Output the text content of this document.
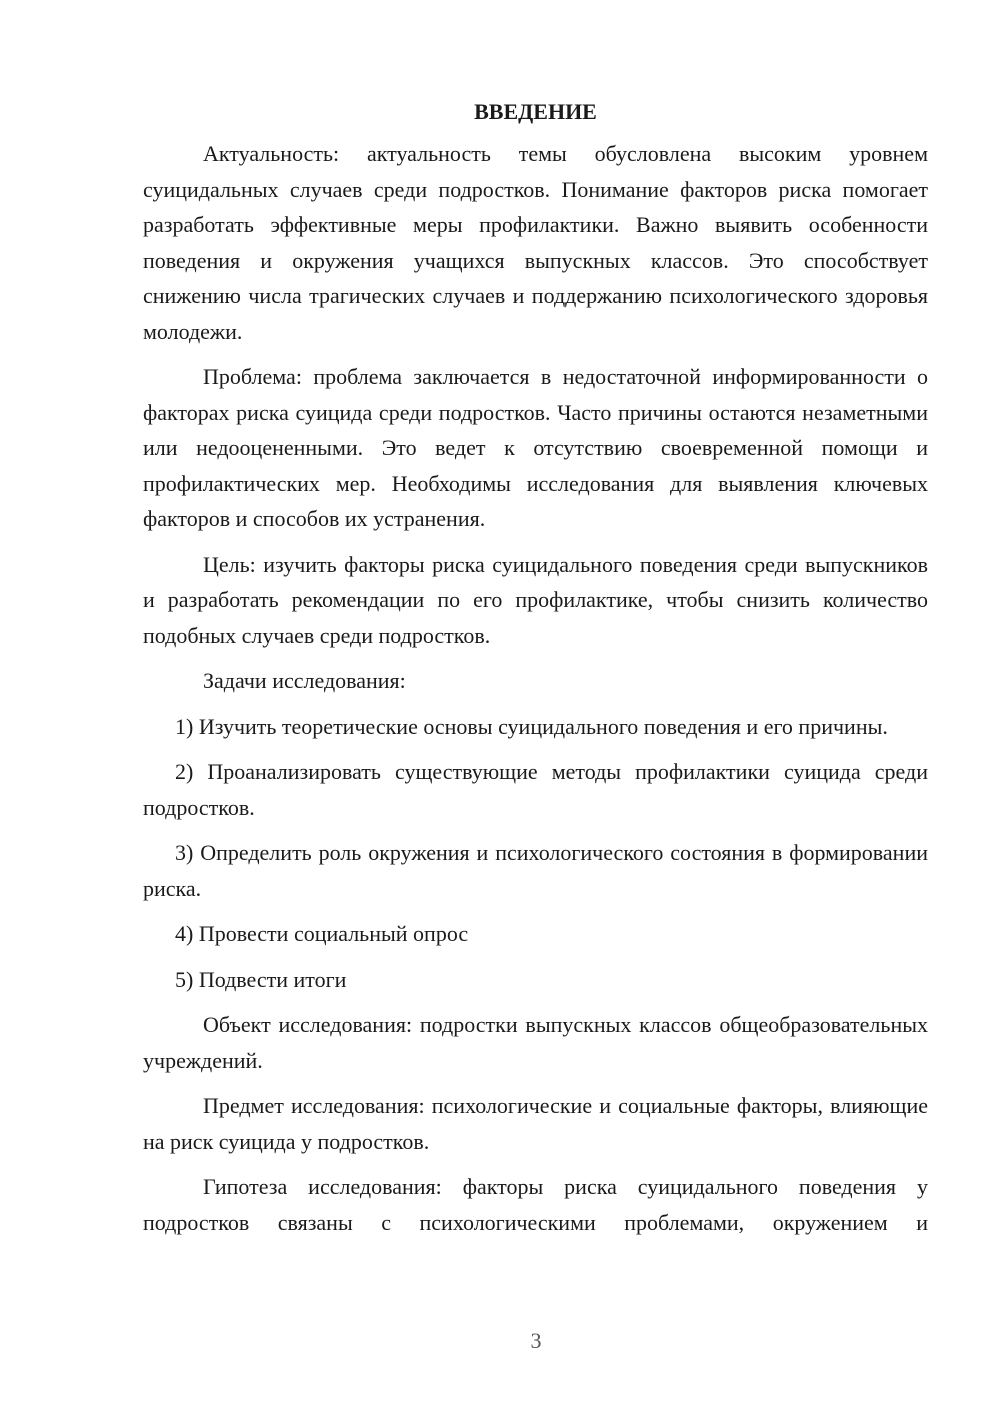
ВВЕДЕНИЕ

Актуальность: актуальность темы обусловлена высоким уровнем суицидальных случаев среди подростков. Понимание факторов риска помогает разработать эффективные меры профилактики. Важно выявить особенности поведения и окружения учащихся выпускных классов. Это способствует снижению числа трагических случаев и поддержанию психологического здоровья молодежи.

Проблема: проблема заключается в недостаточной информированности о факторах риска суицида среди подростков. Часто причины остаются незаметными или недооцененными. Это ведет к отсутствию своевременной помощи и профилактических мер. Необходимы исследования для выявления ключевых факторов и способов их устранения.

Цель: изучить факторы риска суицидального поведения среди выпускников и разработать рекомендации по его профилактике, чтобы снизить количество подобных случаев среди подростков.

Задачи исследования:

1) Изучить теоретические основы суицидального поведения и его причины.

2) Проанализировать существующие методы профилактики суицида среди подростков.

3) Определить роль окружения и психологического состояния в формировании риска.

4) Провести социальный опрос

5) Подвести итоги

Объект исследования: подростки выпускных классов общеобразовательных учреждений.

Предмет исследования: психологические и социальные факторы, влияющие на риск суицида у подростков.

Гипотеза исследования: факторы риска суицидального поведения у подростков связаны с психологическими проблемами, окружением и

3
